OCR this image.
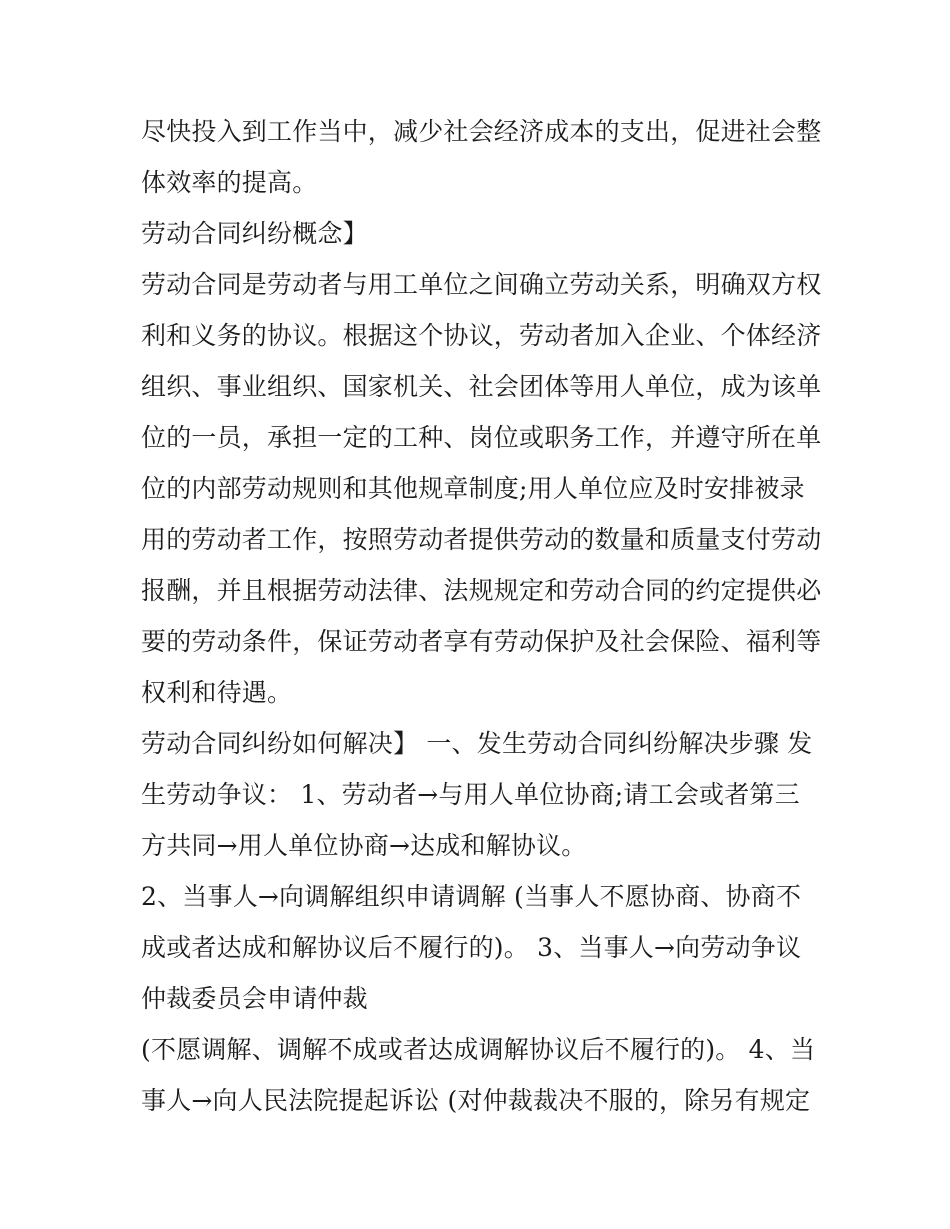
尽快投入到工作当中，减少社会经济成本的支出，促进社会整
体效率的提高。
劳动合同纠纷概念】
劳动合同是劳动者与用工单位之间确立劳动关系，明确双方权
利和义务的协议。根据这个协议，劳动者加入企业、个体经济
组织、事业组织、国家机关、社会团体等用人单位，成为该单
位的一员，承担一定的工种、岗位或职务工作，并遵守所在单
位的内部劳动规则和其他规章制度;用人单位应及时安排被录
用的劳动者工作，按照劳动者提供劳动的数量和质量支付劳动
报酬，并且根据劳动法律、法规规定和劳动合同的约定提供必
要的劳动条件，保证劳动者享有劳动保护及社会保险、福利等
权利和待遇。
劳动合同纠纷如何解决】 一、发生劳动合同纠纷解决步骤 发
生劳动争议： 1、劳动者→与用人单位协商;请工会或者第三
方共同→用人单位协商→达成和解协议。
2、当事人→向调解组织申请调解 (当事人不愿协商、协商不
成或者达成和解协议后不履行的)。 3、当事人→向劳动争议
仲裁委员会申请仲裁
(不愿调解、调解不成或者达成调解协议后不履行的)。 4、当
事人→向人民法院提起诉讼 (对仲裁裁决不服的，除另有规定
